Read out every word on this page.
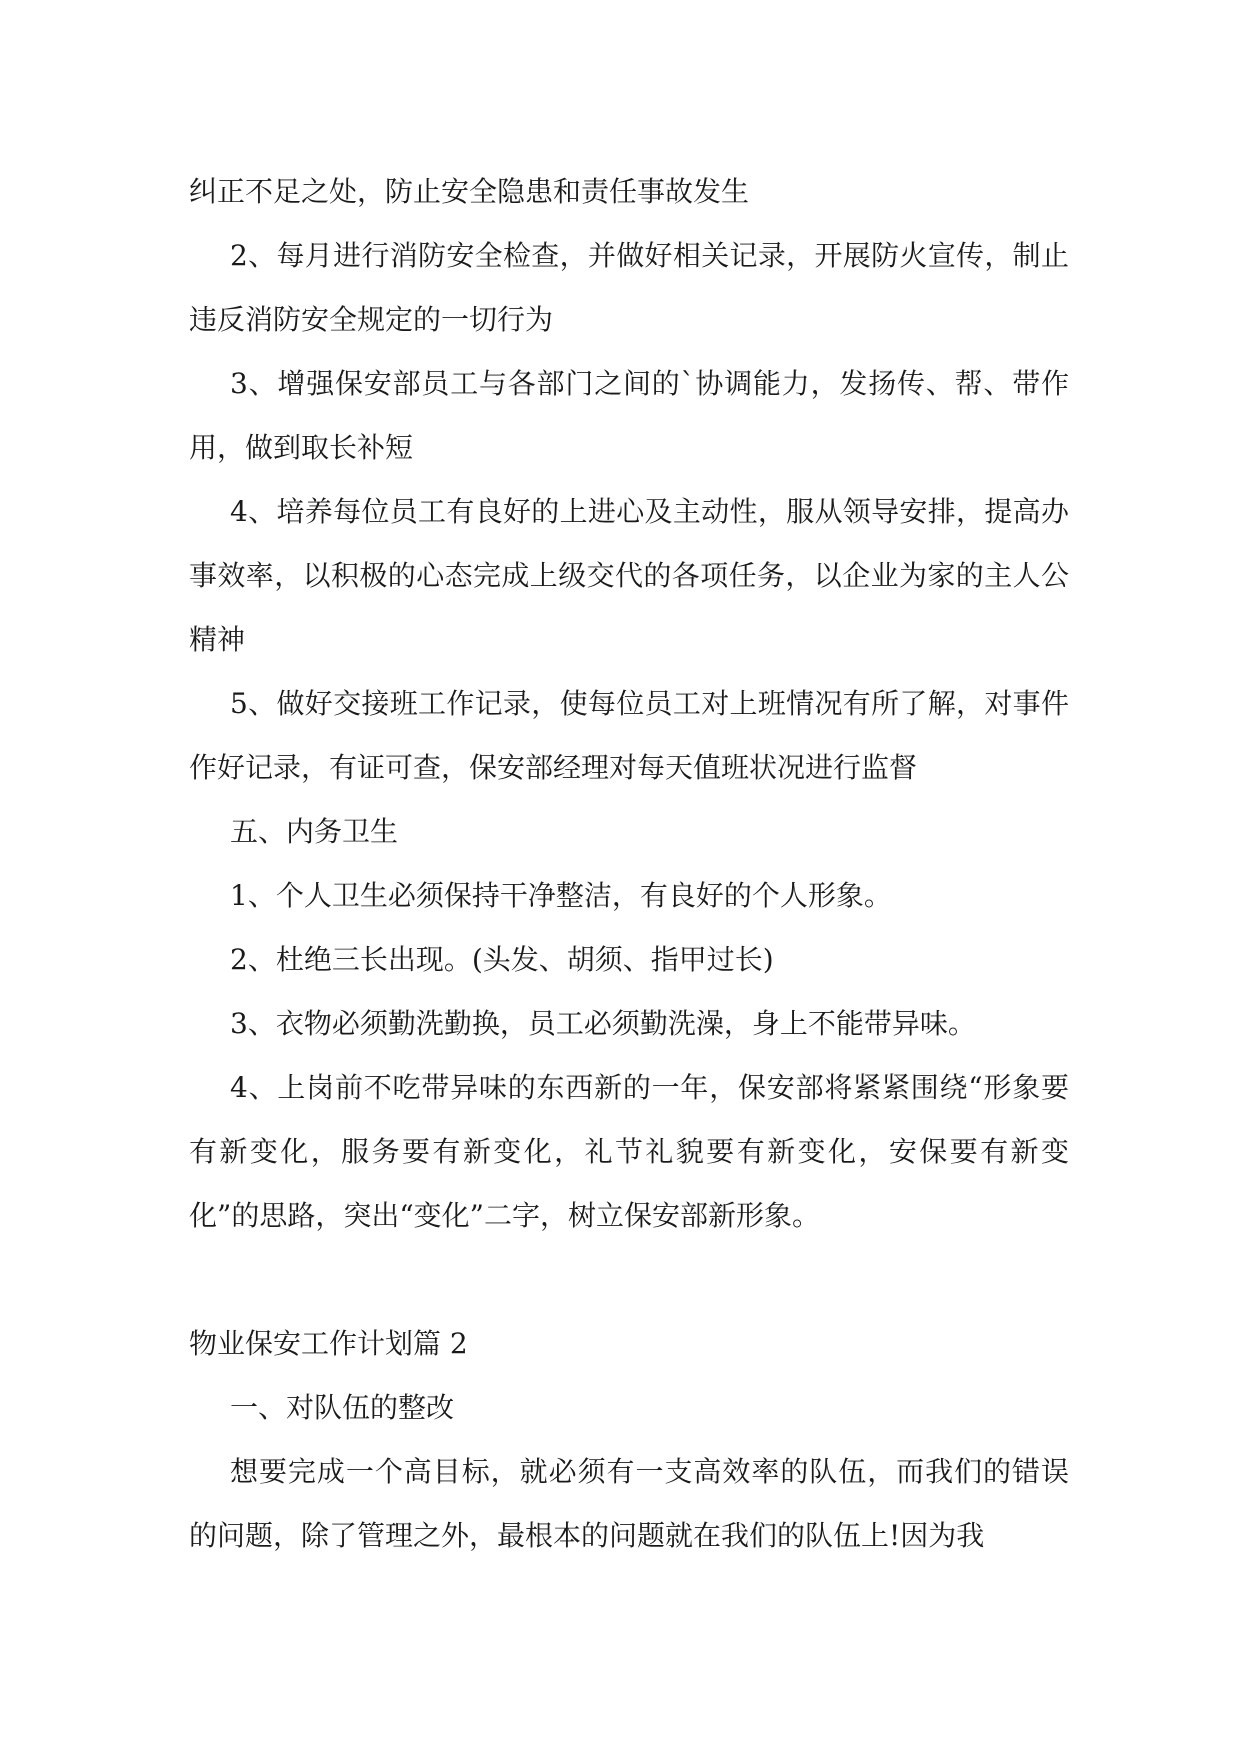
纠正不足之处，防止安全隐患和责任事故发生

2、每月进行消防安全检查，并做好相关记录，开展防火宣传，制止违反消防安全规定的一切行为

3、增强保安部员工与各部门之间的`协调能力，发扬传、帮、带作用，做到取长补短

4、培养每位员工有良好的上进心及主动性，服从领导安排，提高办事效率，以积极的心态完成上级交代的各项任务，以企业为家的主人公精神

5、做好交接班工作记录，使每位员工对上班情况有所了解，对事件作好记录，有证可查，保安部经理对每天值班状况进行监督

五、内务卫生

1、个人卫生必须保持干净整洁，有良好的个人形象。

2、杜绝三长出现。(头发、胡须、指甲过长)

3、衣物必须勤洗勤换，员工必须勤洗澡，身上不能带异味。

4、上岗前不吃带异味的东西新的一年，保安部将紧紧围绕“形象要有新变化，服务要有新变化，礼节礼貌要有新变化，安保要有新变化”的思路，突出“变化”二字，树立保安部新形象。

物业保安工作计划篇 2

一、对队伍的整改

想要完成一个高目标，就必须有一支高效率的队伍，而我们的错误的问题，除了管理之外，最根本的问题就在我们的队伍上!因为我
